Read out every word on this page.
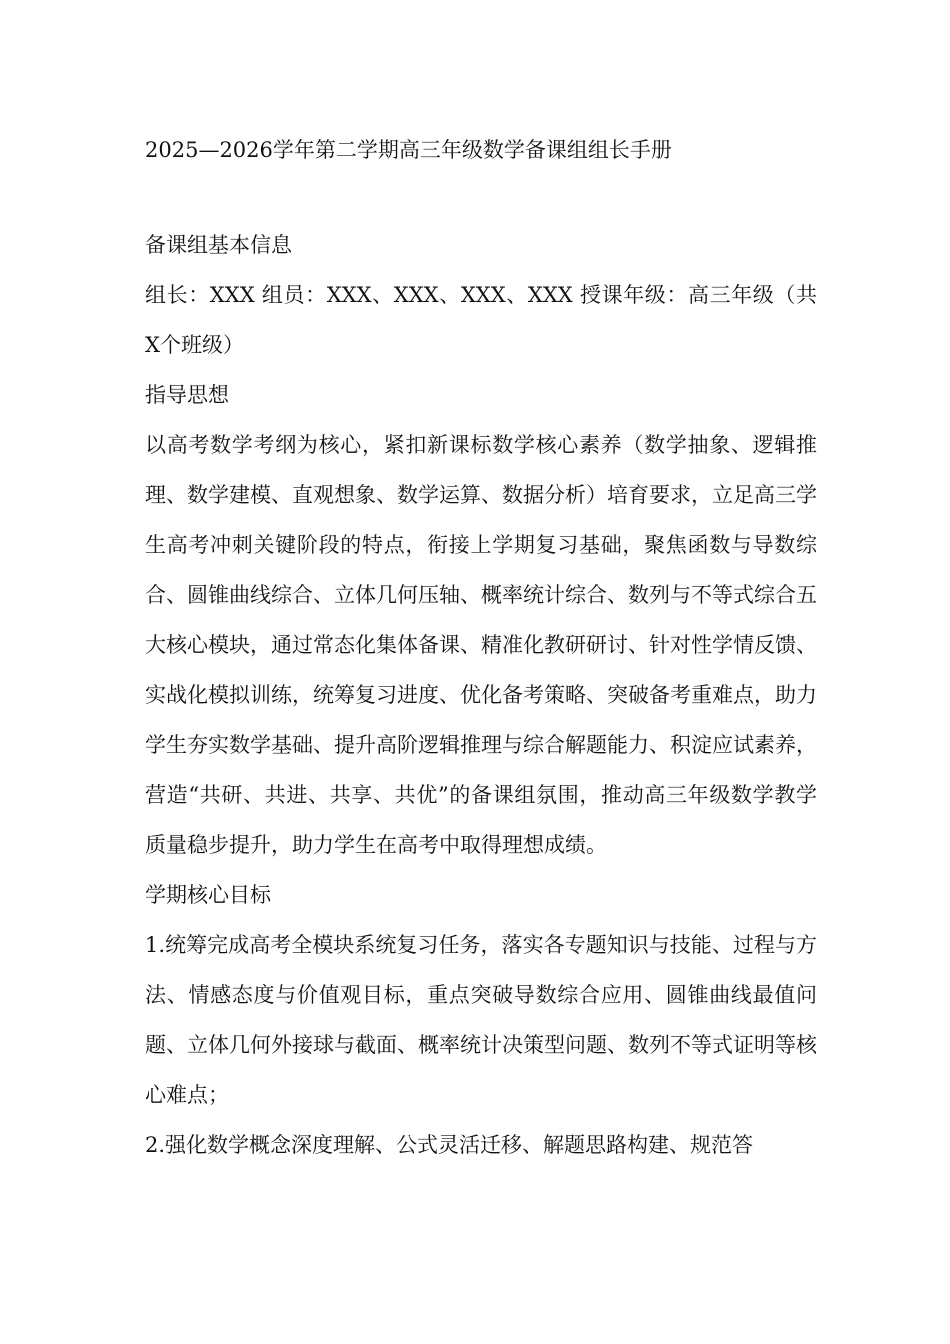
2025—2026学年第二学期高三年级数学备课组组长手册

备课组基本信息

组长：XXX 组员：XXX、XXX、XXX、XXX 授课年级：高三年级（共X个班级）

指导思想

以高考数学考纲为核心，紧扣新课标数学核心素养（数学抽象、逻辑推理、数学建模、直观想象、数学运算、数据分析）培育要求，立足高三学生高考冲刺关键阶段的特点，衔接上学期复习基础，聚焦函数与导数综合、圆锥曲线综合、立体几何压轴、概率统计综合、数列与不等式综合五大核心模块，通过常态化集体备课、精准化教研研讨、针对性学情反馈、实战化模拟训练，统筹复习进度、优化备考策略、突破备考重难点，助力学生夯实数学基础、提升高阶逻辑推理与综合解题能力、积淀应试素养，营造“共研、共进、共享、共优”的备课组氛围，推动高三年级数学教学质量稳步提升，助力学生在高考中取得理想成绩。

学期核心目标

1.统筹完成高考全模块系统复习任务，落实各专题知识与技能、过程与方法、情感态度与价值观目标，重点突破导数综合应用、圆锥曲线最值问题、立体几何外接球与截面、概率统计决策型问题、数列不等式证明等核心难点；

2.强化数学概念深度理解、公式灵活迁移、解题思路构建、规范答
